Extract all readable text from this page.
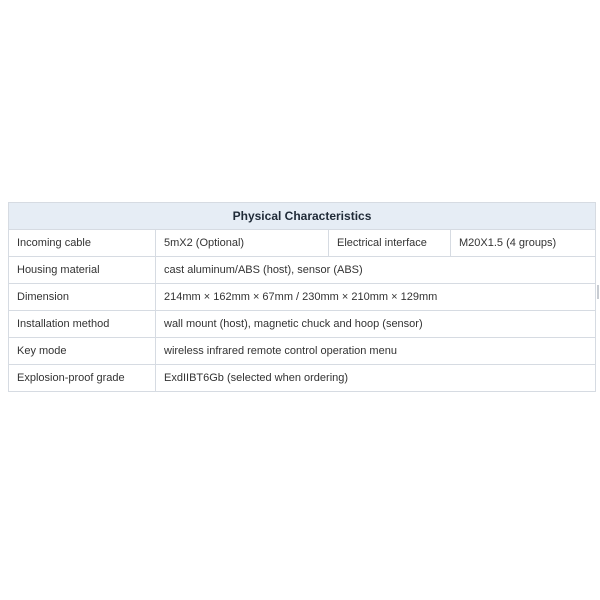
Physical Characteristics			
Incoming cable	5mX2 (Optional)	Electrical interface	M20X1.5 (4 groups)
Housing material	cast aluminum/ABS (host), sensor (ABS)		
Dimension	214mm × 162mm × 67mm / 230mm × 210mm × 129mm		
Installation method	wall mount (host), magnetic chuck and hoop (sensor)		
Key mode	wireless infrared remote control operation menu		
Explosion-proof grade	ExdIIBT6Gb (selected when ordering)		
